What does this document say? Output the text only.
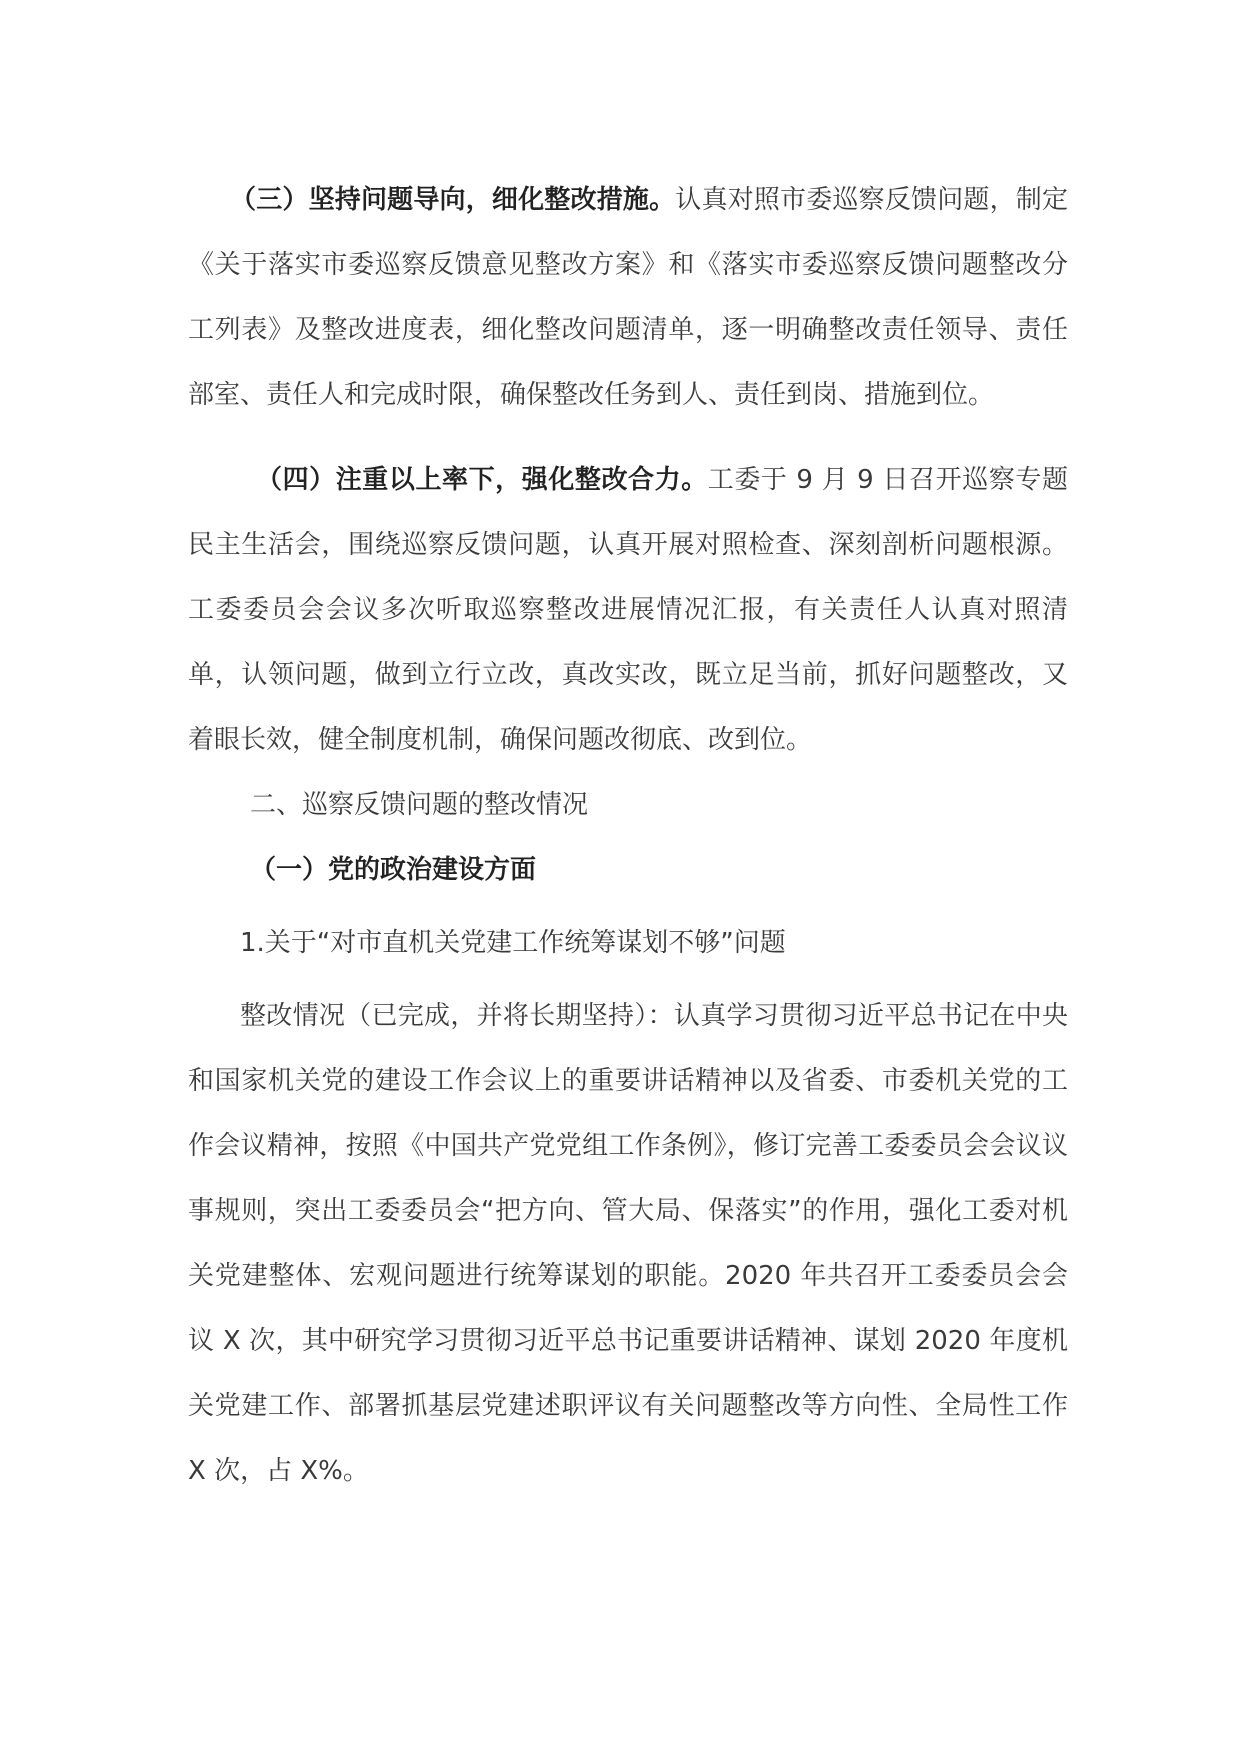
（三）坚持问题导向，细化整改措施。认真对照市委巡察反馈问题，制定《关于落实市委巡察反馈意见整改方案》和《落实市委巡察反馈问题整改分工列表》及整改进度表，细化整改问题清单，逐一明确整改责任领导、责任部室、责任人和完成时限，确保整改任务到人、责任到岗、措施到位。

（四）注重以上率下，强化整改合力。工委于 9 月 9 日召开巡察专题民主生活会，围绕巡察反馈问题，认真开展对照检查、深刻剖析问题根源。工委委员会会议多次听取巡察整改进展情况汇报，有关责任人认真对照清单，认领问题，做到立行立改，真改实改，既立足当前，抓好问题整改，又着眼长效，健全制度机制，确保问题改彻底、改到位。

二、巡察反馈问题的整改情况

（一）党的政治建设方面

1.关于“对市直机关党建工作统筹谋划不够”问题

整改情况（已完成，并将长期坚持）：认真学习贯彻习近平总书记在中央和国家机关党的建设工作会议上的重要讲话精神以及省委、市委机关党的工作会议精神，按照《中国共产党党组工作条例》，修订完善工委委员会会议议事规则，突出工委委员会“把方向、管大局、保落实”的作用，强化工委对机关党建整体、宏观问题进行统筹谋划的职能。2020 年共召开工委委员会会议 X 次，其中研究学习贯彻习近平总书记重要讲话精神、谋划 2020 年度机关党建工作、部署抓基层党建述职评议有关问题整改等方向性、全局性工作 X 次，占 X%。
